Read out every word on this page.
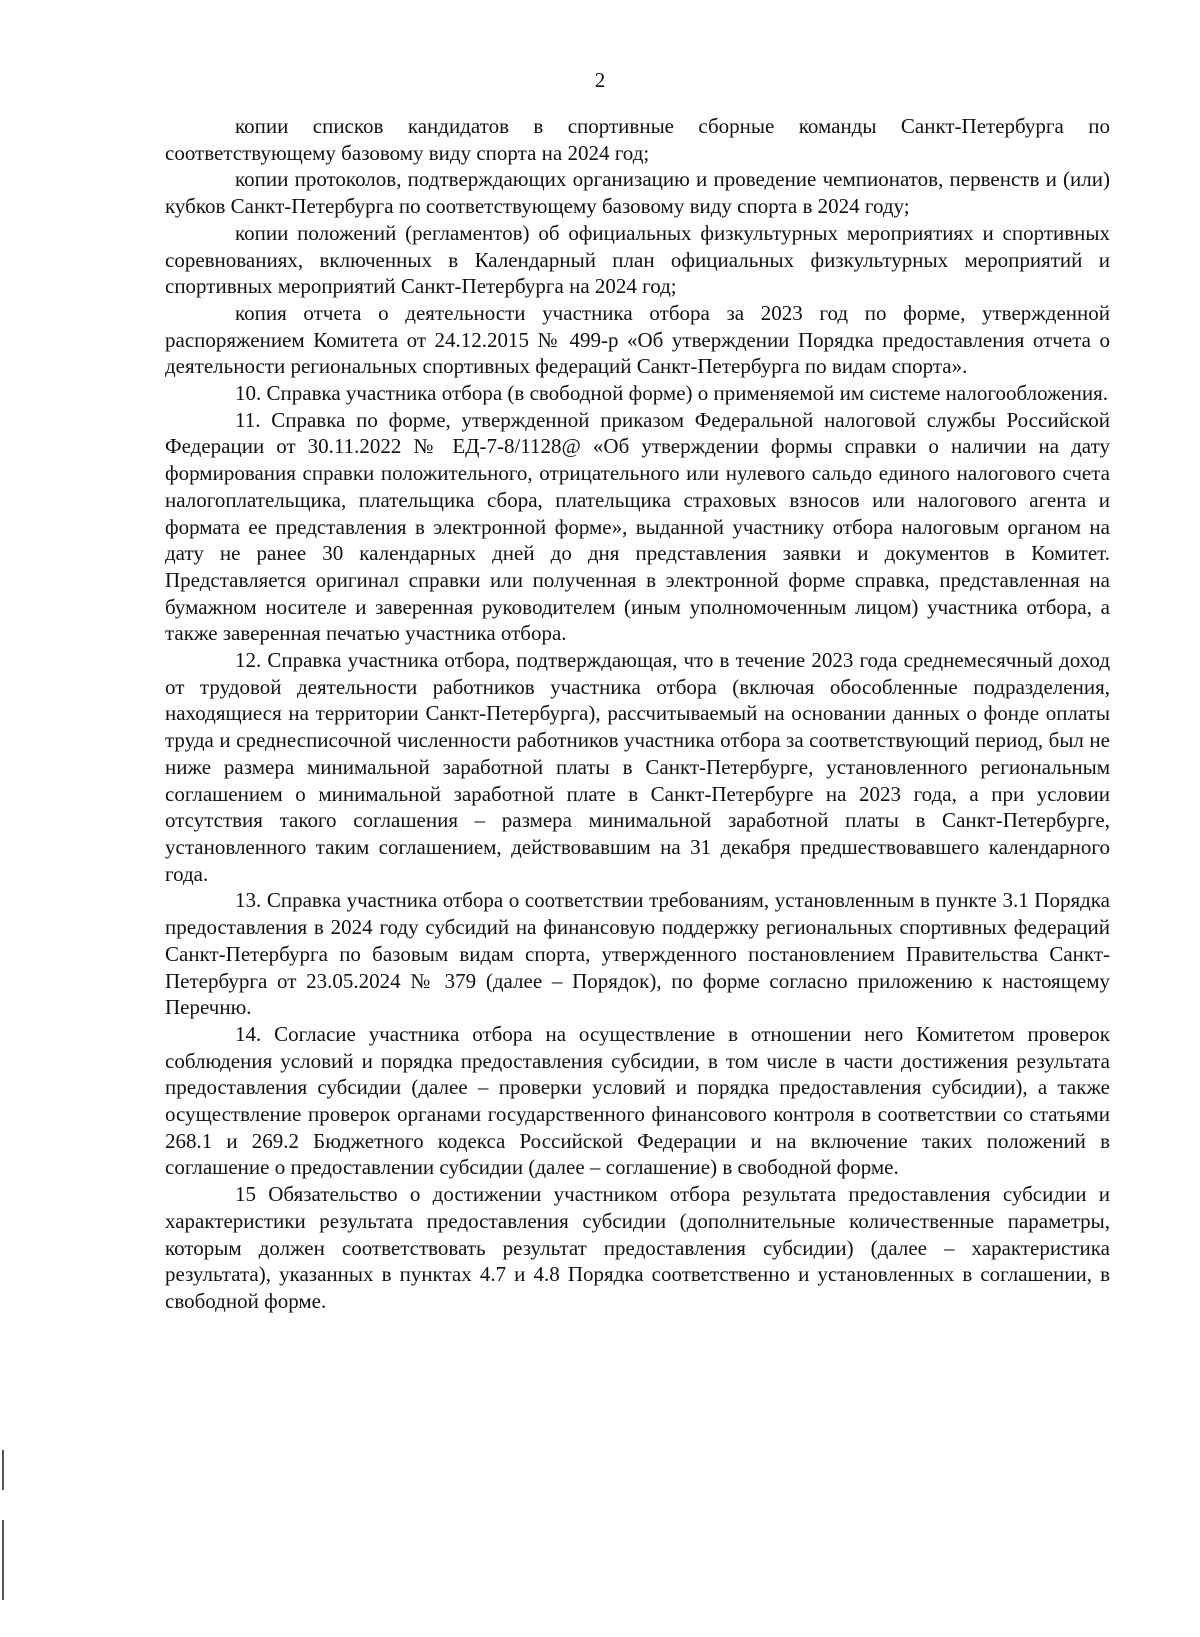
2

копии списков кандидатов в спортивные сборные команды Санкт-Петербурга по соответствующему базовому виду спорта на 2024 год;

копии протоколов, подтверждающих организацию и проведение чемпионатов, первенств и (или) кубков Санкт-Петербурга по соответствующему базовому виду спорта в 2024 году;

копии положений (регламентов) об официальных физкультурных мероприятиях и спортивных соревнованиях, включенных в Календарный план официальных физкультурных мероприятий и спортивных мероприятий Санкт-Петербурга на 2024 год;

копия отчета о деятельности участника отбора за 2023 год по форме, утвержденной распоряжением Комитета от 24.12.2015 № 499-р «Об утверждении Порядка предоставления отчета о деятельности региональных спортивных федераций Санкт-Петербурга по видам спорта».

10. Справка участника отбора (в свободной форме) о применяемой им системе налогообложения.

11. Справка по форме, утвержденной приказом Федеральной налоговой службы Российской Федерации от 30.11.2022 № ЕД-7-8/1128@ «Об утверждении формы справки о наличии на дату формирования справки положительного, отрицательного или нулевого сальдо единого налогового счета налогоплательщика, плательщика сбора, плательщика страховых взносов или налогового агента и формата ее представления в электронной форме», выданной участнику отбора налоговым органом на дату не ранее 30 календарных дней до дня представления заявки и документов в Комитет. Представляется оригинал справки или полученная в электронной форме справка, представленная на бумажном носителе и заверенная руководителем (иным уполномоченным лицом) участника отбора, а также заверенная печатью участника отбора.

12. Справка участника отбора, подтверждающая, что в течение 2023 года среднемесячный доход от трудовой деятельности работников участника отбора (включая обособленные подразделения, находящиеся на территории Санкт-Петербурга), рассчитываемый на основании данных о фонде оплаты труда и среднесписочной численности работников участника отбора за соответствующий период, был не ниже размера минимальной заработной платы в Санкт-Петербурге, установленного региональным соглашением о минимальной заработной плате в Санкт-Петербурге на 2023 года, а при условии отсутствия такого соглашения – размера минимальной заработной платы в Санкт-Петербурге, установленного таким соглашением, действовавшим на 31 декабря предшествовавшего календарного года.

13. Справка участника отбора о соответствии требованиям, установленным в пункте 3.1 Порядка предоставления в 2024 году субсидий на финансовую поддержку региональных спортивных федераций Санкт-Петербурга по базовым видам спорта, утвержденного постановлением Правительства Санкт-Петербурга от 23.05.2024 № 379 (далее – Порядок), по форме согласно приложению к настоящему Перечню.

14. Согласие участника отбора на осуществление в отношении него Комитетом проверок соблюдения условий и порядка предоставления субсидии, в том числе в части достижения результата предоставления субсидии (далее – проверки условий и порядка предоставления субсидии), а также осуществление проверок органами государственного финансового контроля в соответствии со статьями 268.1 и 269.2 Бюджетного кодекса Российской Федерации и на включение таких положений в соглашение о предоставлении субсидии (далее – соглашение) в свободной форме.

15 Обязательство о достижении участником отбора результата предоставления субсидии и характеристики результата предоставления субсидии (дополнительные количественные параметры, которым должен соответствовать результат предоставления субсидии) (далее – характеристика результата), указанных в пунктах 4.7 и 4.8 Порядка соответственно и установленных в соглашении, в свободной форме.
